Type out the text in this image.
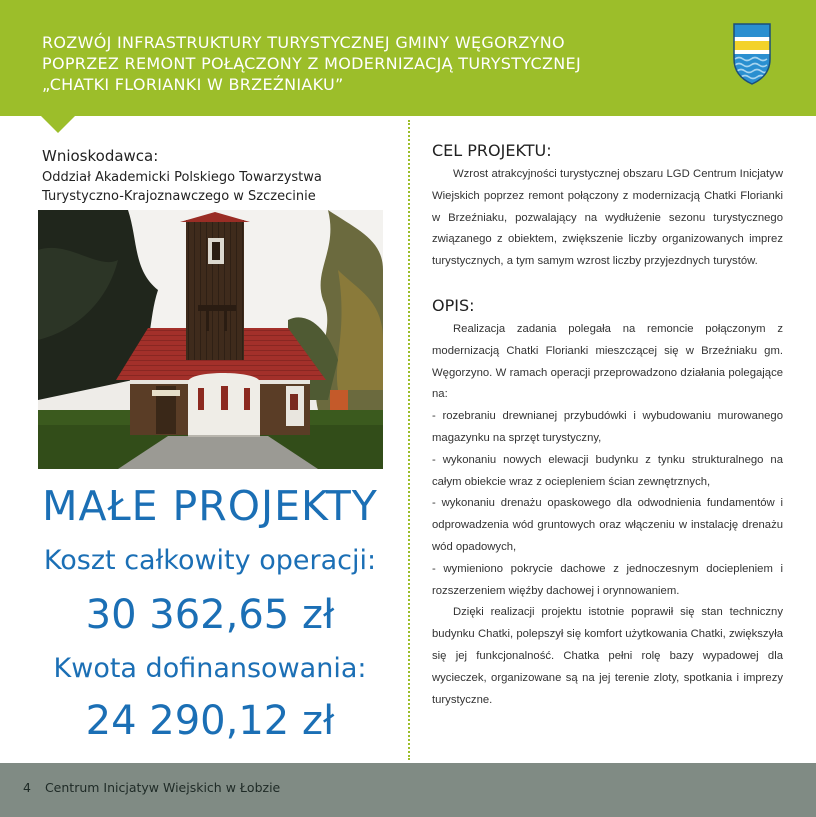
ROZWÓJ INFRASTRUKTURY TURYSTYCZNEJ GMINY WĘGORZYNO
POPRZEZ REMONT POŁĄCZONY Z MODERNIZACJĄ TURYSTYCZNEJ
„CHATKI FLORIANKI W BRZEŹNIAKU”
Wnioskodawca:
Oddział Akademicki Polskiego Towarzystwa
Turystyczno-Krajoznawczego w Szczecinie
MAŁE PROJEKTY
Koszt całkowity operacji:
30 362,65 zł
Kwota dofinansowania:
24 290,12 zł
CEL PROJEKTU:

Wzrost atrakcyjności turystycznej obszaru LGD Centrum Inicjatyw Wiejskich poprzez remont połączony z modernizacją Chatki Florianki w Brzeźniaku, pozwalający na wydłużenie sezonu turystycznego związanego z obiektem, zwiększenie liczby organizowanych imprez turystycznych, a tym samym wzrost liczby przyjezdnych turystów.

OPIS:

Realizacja zadania polegała na remoncie połączonym z modernizacją Chatki Florianki mieszczącej się w Brzeźniaku gm. Węgorzyno. W ramach operacji przeprowadzono działania polegające na:

- rozebraniu drewnianej przybudówki i wybudowaniu murowanego magazynku na sprzęt turystyczny,

- wykonaniu nowych elewacji budynku z tynku strukturalnego na całym obiekcie wraz z ociepleniem ścian zewnętrznych,

- wykonaniu drenażu opaskowego dla odwodnienia fundamentów i odprowadzenia wód gruntowych oraz włączeniu w instalację drenażu wód opadowych,

- wymieniono pokrycie dachowe z jednoczesnym dociepleniem i rozszerzeniem więźby dachowej i orynnowaniem.

Dzięki realizacji projektu istotnie poprawił się stan techniczny budynku Chatki, polepszył się komfort użytkowania Chatki, zwiększyła się jej funkcjonalność. Chatka pełni rolę bazy wypadowej dla wycieczek, organizowane są na jej terenie zloty, spotkania i imprezy turystyczne.

4 Centrum Inicjatyw Wiejskich w Łobzie
